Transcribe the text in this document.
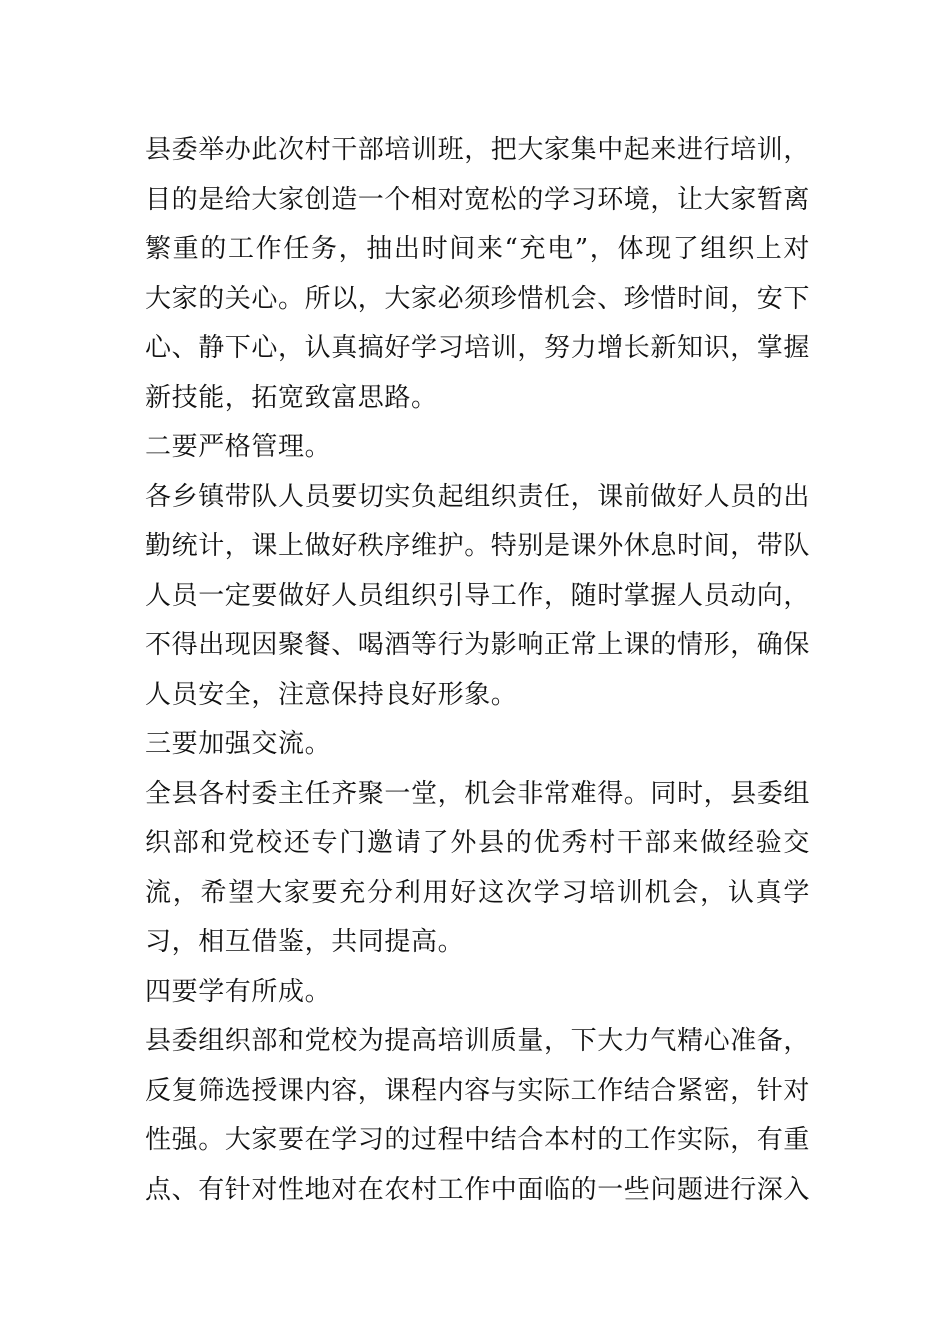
县委举办此次村干部培训班，把大家集中起来进行培训，目的是给大家创造一个相对宽松的学习环境，让大家暂离繁重的工作任务，抽出时间来“充电”，体现了组织上对大家的关心。所以，大家必须珍惜机会、珍惜时间，安下心、静下心，认真搞好学习培训，努力增长新知识，掌握新技能，拓宽致富思路。

二要严格管理。

各乡镇带队人员要切实负起组织责任，课前做好人员的出勤统计，课上做好秩序维护。特别是课外休息时间，带队人员一定要做好人员组织引导工作，随时掌握人员动向，不得出现因聚餐、喝酒等行为影响正常上课的情形，确保人员安全，注意保持良好形象。

三要加强交流。

全县各村委主任齐聚一堂，机会非常难得。同时，县委组织部和党校还专门邀请了外县的优秀村干部来做经验交流，希望大家要充分利用好这次学习培训机会，认真学习，相互借鉴，共同提高。

四要学有所成。

县委组织部和党校为提高培训质量，下大力气精心准备，反复筛选授课内容，课程内容与实际工作结合紧密，针对性强。大家要在学习的过程中结合本村的工作实际，有重点、有针对性地对在农村工作中面临的一些问题进行深入
